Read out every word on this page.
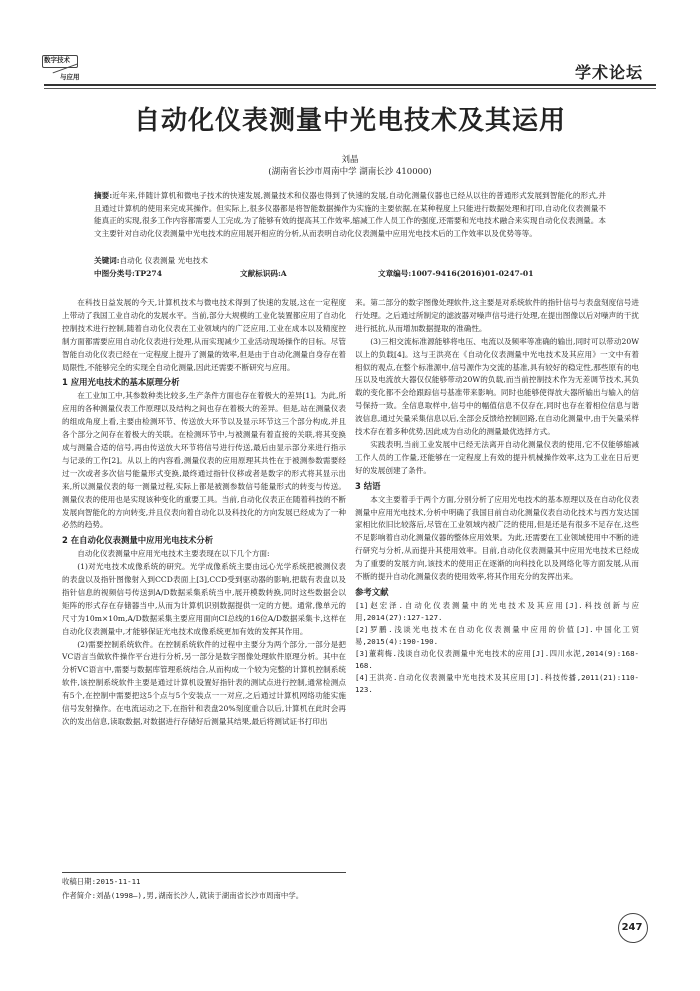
数字技术
与应用	学术论坛
自动化仪表测量中光电技术及其运用
刘晶
(湖南省长沙市周南中学 湖南长沙 410000)
摘要:近年来,伴随计算机和微电子技术的快速发展,测量技术和仪器也得到了快速的发展,自动化测量仪器也已经从以往的普通形式发展到智能化的形式,并且通过计算机的使用来完成其操作。但实际上,很多仪器都是将智能数据操作为实施的主要依据,在某种程度上只能进行数据处理和打印,自动化仪表测量不能真正的实现,很多工作内容都需要人工完成,为了能够有效的提高其工作效率,缩减工作人员工作的强度,还需要和光电技术融合来实现自动化仪表测量。本文主要针对自动化仪表测量中光电技术的应用展开相应的分析,从而表明自动化仪表测量中应用光电技术后的工作效率以及优势等等。
关键词:自动化 仪表测量 光电技术
中图分类号:TP274	文献标识码:A	文章编号:1007-9416(2016)01-0247-01

在科技日益发展的今天,计算机技术与微电技术得到了快速的发展,这在一定程度上带动了我国工业自动化的发展水平。当前,部分大规模的工业化装置都应用了自动化控制技术进行控制,随着自动化仪表在工业领域内的广泛应用,工业在成本以及精度控制方面都需要应用自动化仪表进行处理,从而实现减少工业活动现场操作的目标。尽管智能自动化仪表已经在一定程度上提升了测量的效率,但是由于自动化测量自身存在着局限性,不能够完全的实现全自动化测量,因此还需要不断研究与应用。

1 应用光电技术的基本原理分析

在工业加工中,其参数种类比较多,生产条件方面也存在着极大的差异[1]。为此,所应用的各种测量仪表工作原理以及结构之间也存在着极大的差异。但是,站在测量仪表的组成角度上看,主要由检测环节、传送放大环节以及显示环节这三个部分构成,并且各个部分之间存在着极大的关联。在检测环节中,与被测量有着直接的关联,将其变换成与测量合适的信号,再由传送放大环节将信号进行传送,最后由显示部分来进行指示与记录的工作[2]。从以上的内容看,测量仪表的应用原理其共性在于被测参数需要经过一次或者多次信号能量形式变换,最终通过指针仪移或者是数字的形式将其显示出来,所以测量仪表的每一测量过程,实际上都是被测参数信号能量形式的转变与传送。测量仪表的使用也是实现该种变化的重要工具。当前,自动化仪表正在随着科技的不断发展向智能化的方向转变,并且仪表向着自动化以及科技化的方向发展已经成为了一种必然的趋势。

2 在自动化仪表测量中应用光电技术分析

自动化仪表测量中应用光电技术主要表现在以下几个方面:

(1)对光电技术成像系统的研究。光学成像系统主要由远心光学系统把被测仪表的表盘以及指针图像射入到CCD表面上[3],CCD受到驱动器的影响,把载有表盘以及指针信息的视频信号传送到A/D数据采集系统当中,展开模数转换,同时这些数据会以矩阵的形式存在存储器当中,从而为计算机识别数据提供一定的方便。通常,像单元的尺寸为10m×10m,A/D数据采集主要应用面向CI总线的16位A/D数据采集卡,这样在自动化仪表测量中,才能够保证光电技术成像系统更加有效的发挥其作用。

(2)需要控制系统软件。在控制系统软件的过程中主要分为两个部分,一部分是把VC语言当做软件操作平台进行分析,另一部分是数字图像处理软件原理分析。其中在分析VC语言中,需要与数据库管理系统结合,从而构成一个较为完整的计算机控制系统软件,该控制系统软件主要是通过计算机设置好指针表的测试点进行控制,通常检测点有5个,在控制中需要把这5个点与5个安装点一一对应,之后通过计算机网络功能实施信号发射操作。在电流运动之下,在指针和表盘20%刻度重合以后,计算机在此时会再次的发出信息,读取数据,对数据进行存储好后测量其结果,最后将测试证书打印出

来。第二部分的数字图像处理软件,这主要是对系统软件的指针信号与表盘刻度信号进行处理。之后通过所制定的滤波器对噪声信号进行处理,在提出图像以后对噪声的干扰进行抵抗,从而增加数据提取的准确性。

(3)三相交流标准源能够将电压、电流以及频率等准确的输出,同时可以带动20W以上的负载[4]。这与王洪亮在《自动化仪表测量中光电技术及其应用》一文中有着相似的观点,在整个标准源中,信号源作为交流的基准,具有较好的稳定性,那些原有的电压以及电流放大器仅仅能够带动20W的负载,而当前控制技术作为无差调节技术,其负载的变化都不会给跟踪信号基准带来影响。同时也能够使得放大器所输出与输入的信号保持一致。全信息取样中,信号中的幅值信息不仅存在,同时也存在着相位信息与谐波信息,通过矢量采集信息以后,全部会反馈给控制回路,在自动化测量中,由于矢量采样技术存在着多种优势,因此成为自动化的测量最优选择方式。

实践表明,当前工业发展中已经无法离开自动化测量仪表的使用,它不仅能够缩减工作人员的工作量,还能够在一定程度上有效的提升机械操作效率,这为工业在日后更好的发展创建了条件。

3 结语

本文主要着手于两个方面,分别分析了应用光电技术的基本原理以及在自动化仪表测量中应用光电技术,分析中明确了我国目前自动化测量仪表自动化技术与西方发达国家相比依旧比较落后,尽管在工业领域内被广泛的使用,但是还是有很多不足存在,这些不足影响着自动化测量仪器的整体应用效果。为此,还需要在工业领域使用中不断的进行研究与分析,从而提升其使用效率。目前,自动化仪表测量其中应用光电技术已经成为了重要的发展方向,该技术的使用正在逐渐的向科技化以及网络化等方面发展,从而不断的提升自动化测量仪表的使用效率,将其作用充分的发挥出来。

参考文献

[1]赵宏泽.自动化仪表测量中的光电技术及其应用[J].科技创新与应用,2014(27):127-127.

[2]罗鹏.浅谈光电技术在自动化仪表测量中应用的价值[J].中国化工贸易,2015(4):190-190.

[3]董莉梅.浅谈自动化仪表测量中光电技术的应用[J].四川水泥,2014(9):168-168.

[4]王洪亮.自动化仪表测量中光电技术及其应用[J].科技传播,2011(21):110-123.

收稿日期:2015-11-11
作者简介:刘晶(1998—),男,湖南长沙人,就读于湖南省长沙市周南中学。
247
